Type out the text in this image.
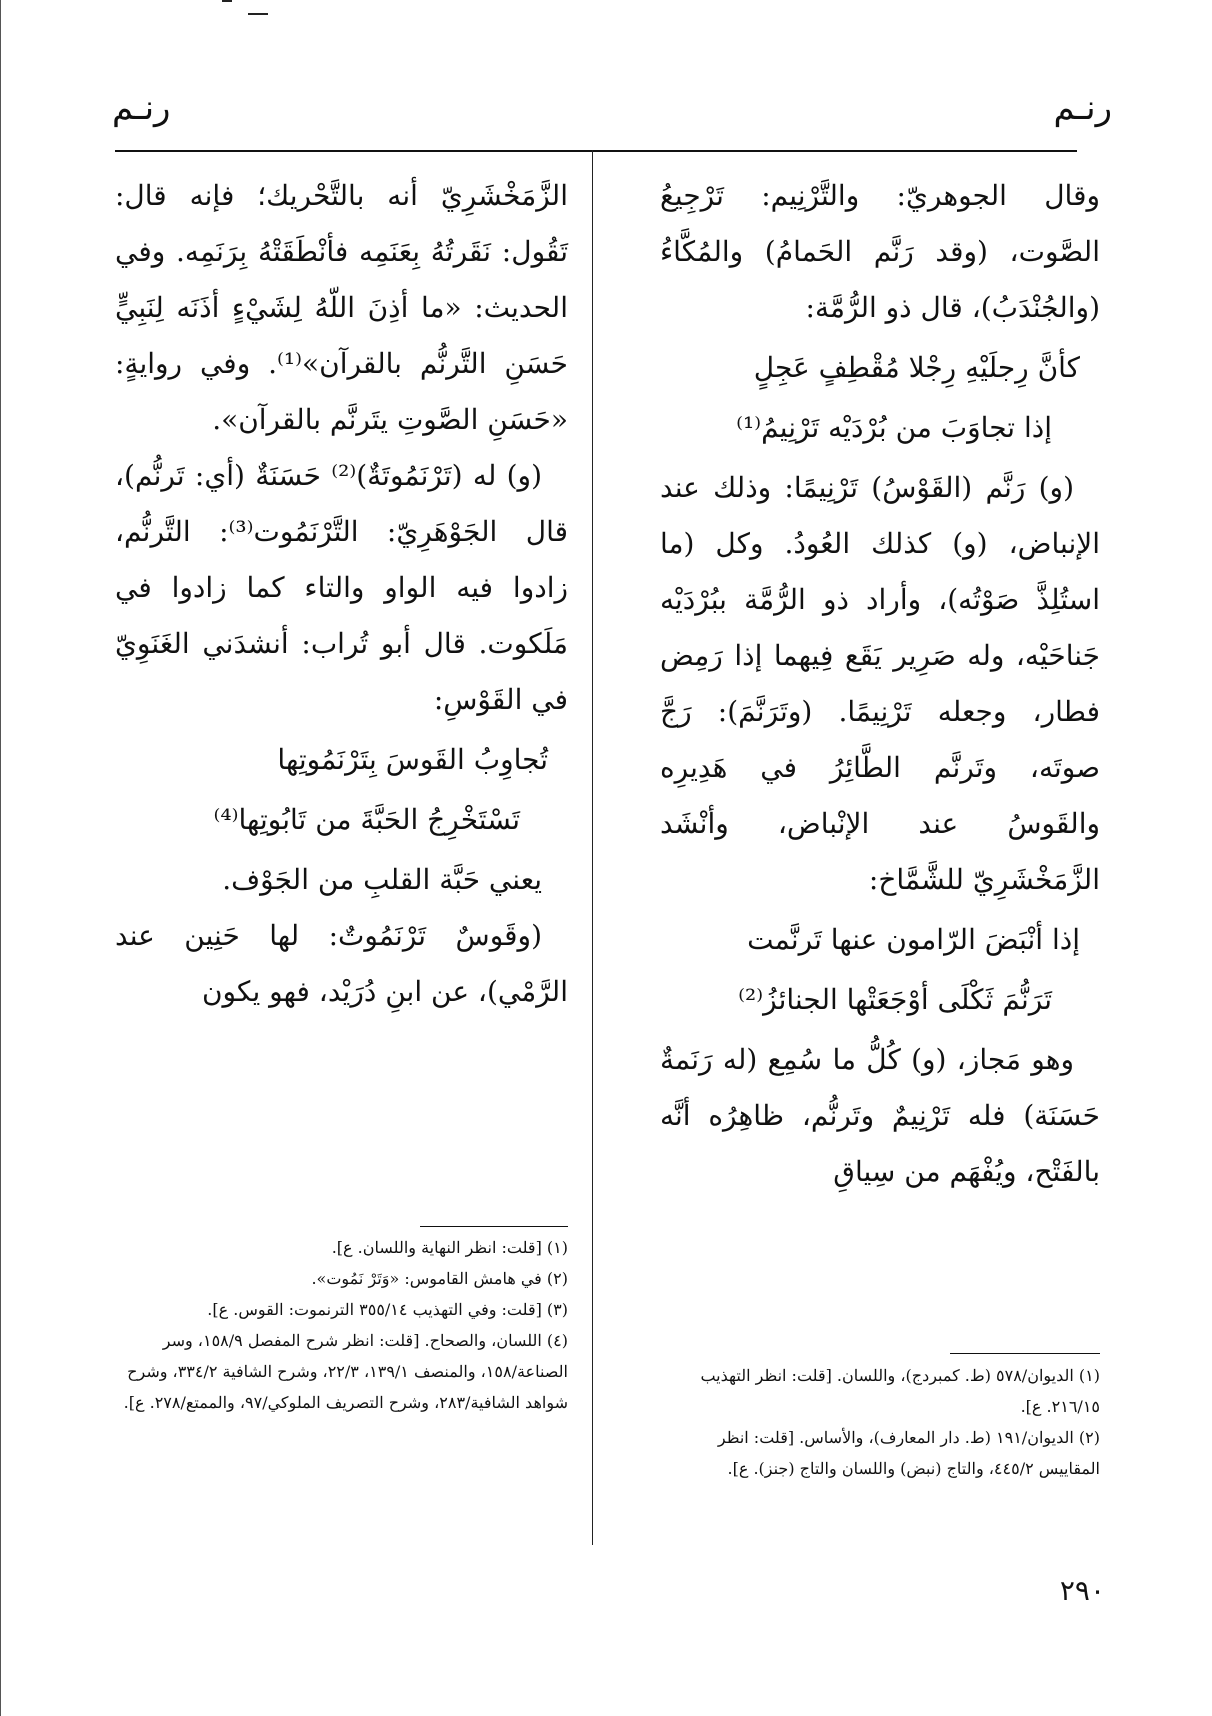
رنـم
رنـم

وقال الجوهريّ: والتَّرْنِيم: تَرْجِيعُ الصَّوت، (وقد رَنَّم الحَمامُ) والمُكَّاءُ (والجُنْدَبُ)، قال ذو الرُّمَّة:

كأنَّ رِجلَيْهِ رِجْلا مُقْطِفٍ عَجِلٍ
إذا تجاوَبَ من بُرْدَيْه تَرْنِيمُ⁽¹⁾

(و) رَنَّم (القَوْسُ) تَرْنِيمًا: وذلك عند الإنباض، (و) كذلك العُودُ. وكل (ما استُلِذَّ صَوْتُه)، وأراد ذو الرُّمَّة ببُرْدَيْه جَناحَيْه، وله صَرِير يَقَع فِيهما إذا رَمِض فطار، وجعله تَرْنِيمًا. (وتَرَنَّمَ): رَجَّ صوتَه، وتَرنَّم الطَّائِرُ في هَدِيرِه والقَوسُ عند الإنْباض، وأنْشَد الزَّمَخْشَرِيّ للشَّمَّاخ:

إذا أنْبَضَ الرّامون عنها تَرنَّمت
تَرَنُّمَ ثَكْلَى أوْجَعَتْها الجنائزُ⁽²⁾

وهو مَجاز، (و) كُلُّ ما سُمِع (له رَنَمةٌ حَسَنَة) فله تَرْنِيمٌ وتَرنُّم، ظاهِرُه أنَّه بالفَتْح، ويُفْهَم من سِياقِ

(١) الديوان/٥٧٨ (ط. كمبردج)، واللسان. [قلت: انظر التهذيب ٢١٦/١٥. ع].

(٢) الديوان/١٩١ (ط. دار المعارف)، والأساس. [قلت: انظر المقاييس ٤٤٥/٢، والتاج (نبض) واللسان والتاج (جنز). ع].

الزَّمَخْشَرِيّ أنه بالتَّحْريك؛ فإنه قال: تَقُول: نَقَرتُهُ بِعَنَمِه فأنْطَقَتْهُ بِرَنَمِه. وفي الحديث: «ما أذِنَ اللّهُ لِشَيْءٍ أذَنَه لِنَبِيٍّ حَسَنِ التَّرنُّم بالقرآن»⁽¹⁾. وفي روايةٍ: «حَسَنِ الصَّوتِ يتَرنَّم بالقرآن».

(و) له (تَرْنَمُوتَةٌ)⁽²⁾ حَسَنَةٌ (أي: تَرنُّم)، قال الجَوْهَرِيّ: التَّرْنَمُوت⁽³⁾: التَّرنُّم، زادوا فيه الواو والتاء كما زادوا في مَلَكوت. قال أبو تُراب: أنشدَني الغَنَوِيّ في القَوْسِ:

تُجاوِبُ القَوسَ بِتَرْنَمُوتِها
تَسْتَخْرِجُ الحَبَّةَ من تَابُوتِها⁽⁴⁾

يعني حَبَّة القلبِ من الجَوْف.

(وقَوسٌ تَرْنَمُوتٌ: لها حَنِين عند الرَّمْي)، عن ابنِ دُرَيْد، فهو يكون

(١) [قلت: انظر النهاية واللسان. ع].

(٢) في هامش القاموس: «وَتَرْ نَمُوت».

(٣) [قلت: وفي التهذيب ٣٥٥/١٤ الترنموت: القوس. ع].

(٤) اللسان، والصحاح. [قلت: انظر شرح المفصل ١٥٨/٩، وسر الصناعة/١٥٨، والمنصف ١٣٩/١، ٢٢/٣، وشرح الشافية ٣٣٤/٢، وشرح شواهد الشافية/٢٨٣، وشرح التصريف الملوكي/٩٧، والممتع/٢٧٨. ع].

٢٩٠
